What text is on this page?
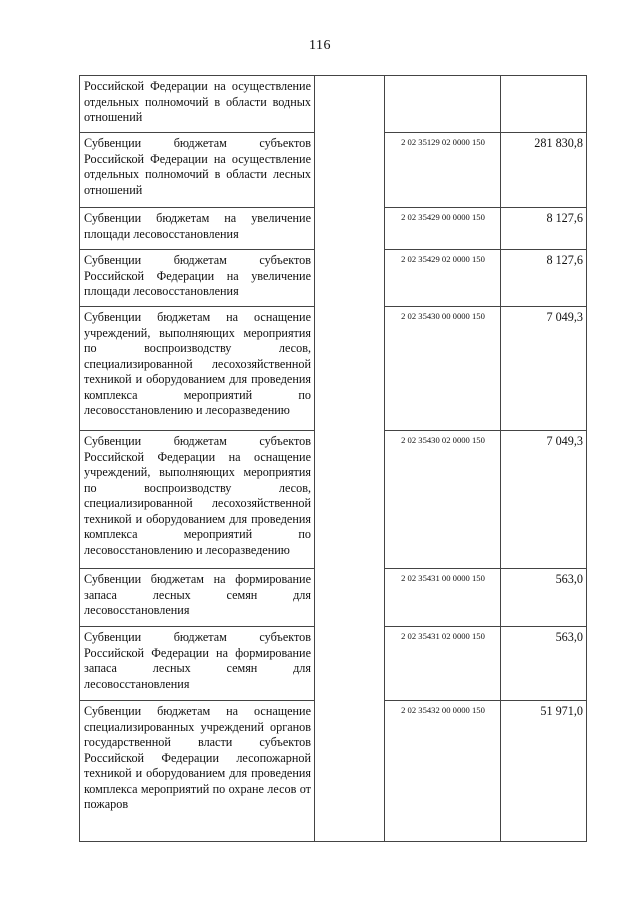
116
Российской Федерации на осуществление отдельных полномочий в области водных отношений			
Субвенции бюджетам субъектов Российской Федерации на осуществление отдельных полномочий в области лесных отношений		2 02 35129 02 0000 150	281 830,8
Субвенции бюджетам на увеличение площади лесовосстановления		2 02 35429 00 0000 150	8 127,6
Субвенции бюджетам субъектов Российской Федерации на увеличение площади лесовосстановления		2 02 35429 02 0000 150	8 127,6
Субвенции бюджетам на оснащение учреждений, выполняющих мероприятия по воспроизводству лесов, специализированной лесохозяйственной техникой и оборудованием для проведения комплекса мероприятий по лесовосстановлению и лесоразведению		2 02 35430 00 0000 150	7 049,3
Субвенции бюджетам субъектов Российской Федерации на оснащение учреждений, выполняющих мероприятия по воспроизводству лесов, специализированной лесохозяйственной техникой и оборудованием для проведения комплекса мероприятий по лесовосстановлению и лесоразведению		2 02 35430 02 0000 150	7 049,3
Субвенции бюджетам на формирование запаса лесных семян для лесовосстановления		2 02 35431 00 0000 150	563,0
Субвенции бюджетам субъектов Российской Федерации на формирование запаса лесных семян для лесовосстановления		2 02 35431 02 0000 150	563,0
Субвенции бюджетам на оснащение специализированных учреждений органов государственной власти субъектов Российской Федерации лесопожарной техникой и оборудованием для проведения комплекса мероприятий по охране лесов от пожаров		2 02 35432 00 0000 150	51 971,0
